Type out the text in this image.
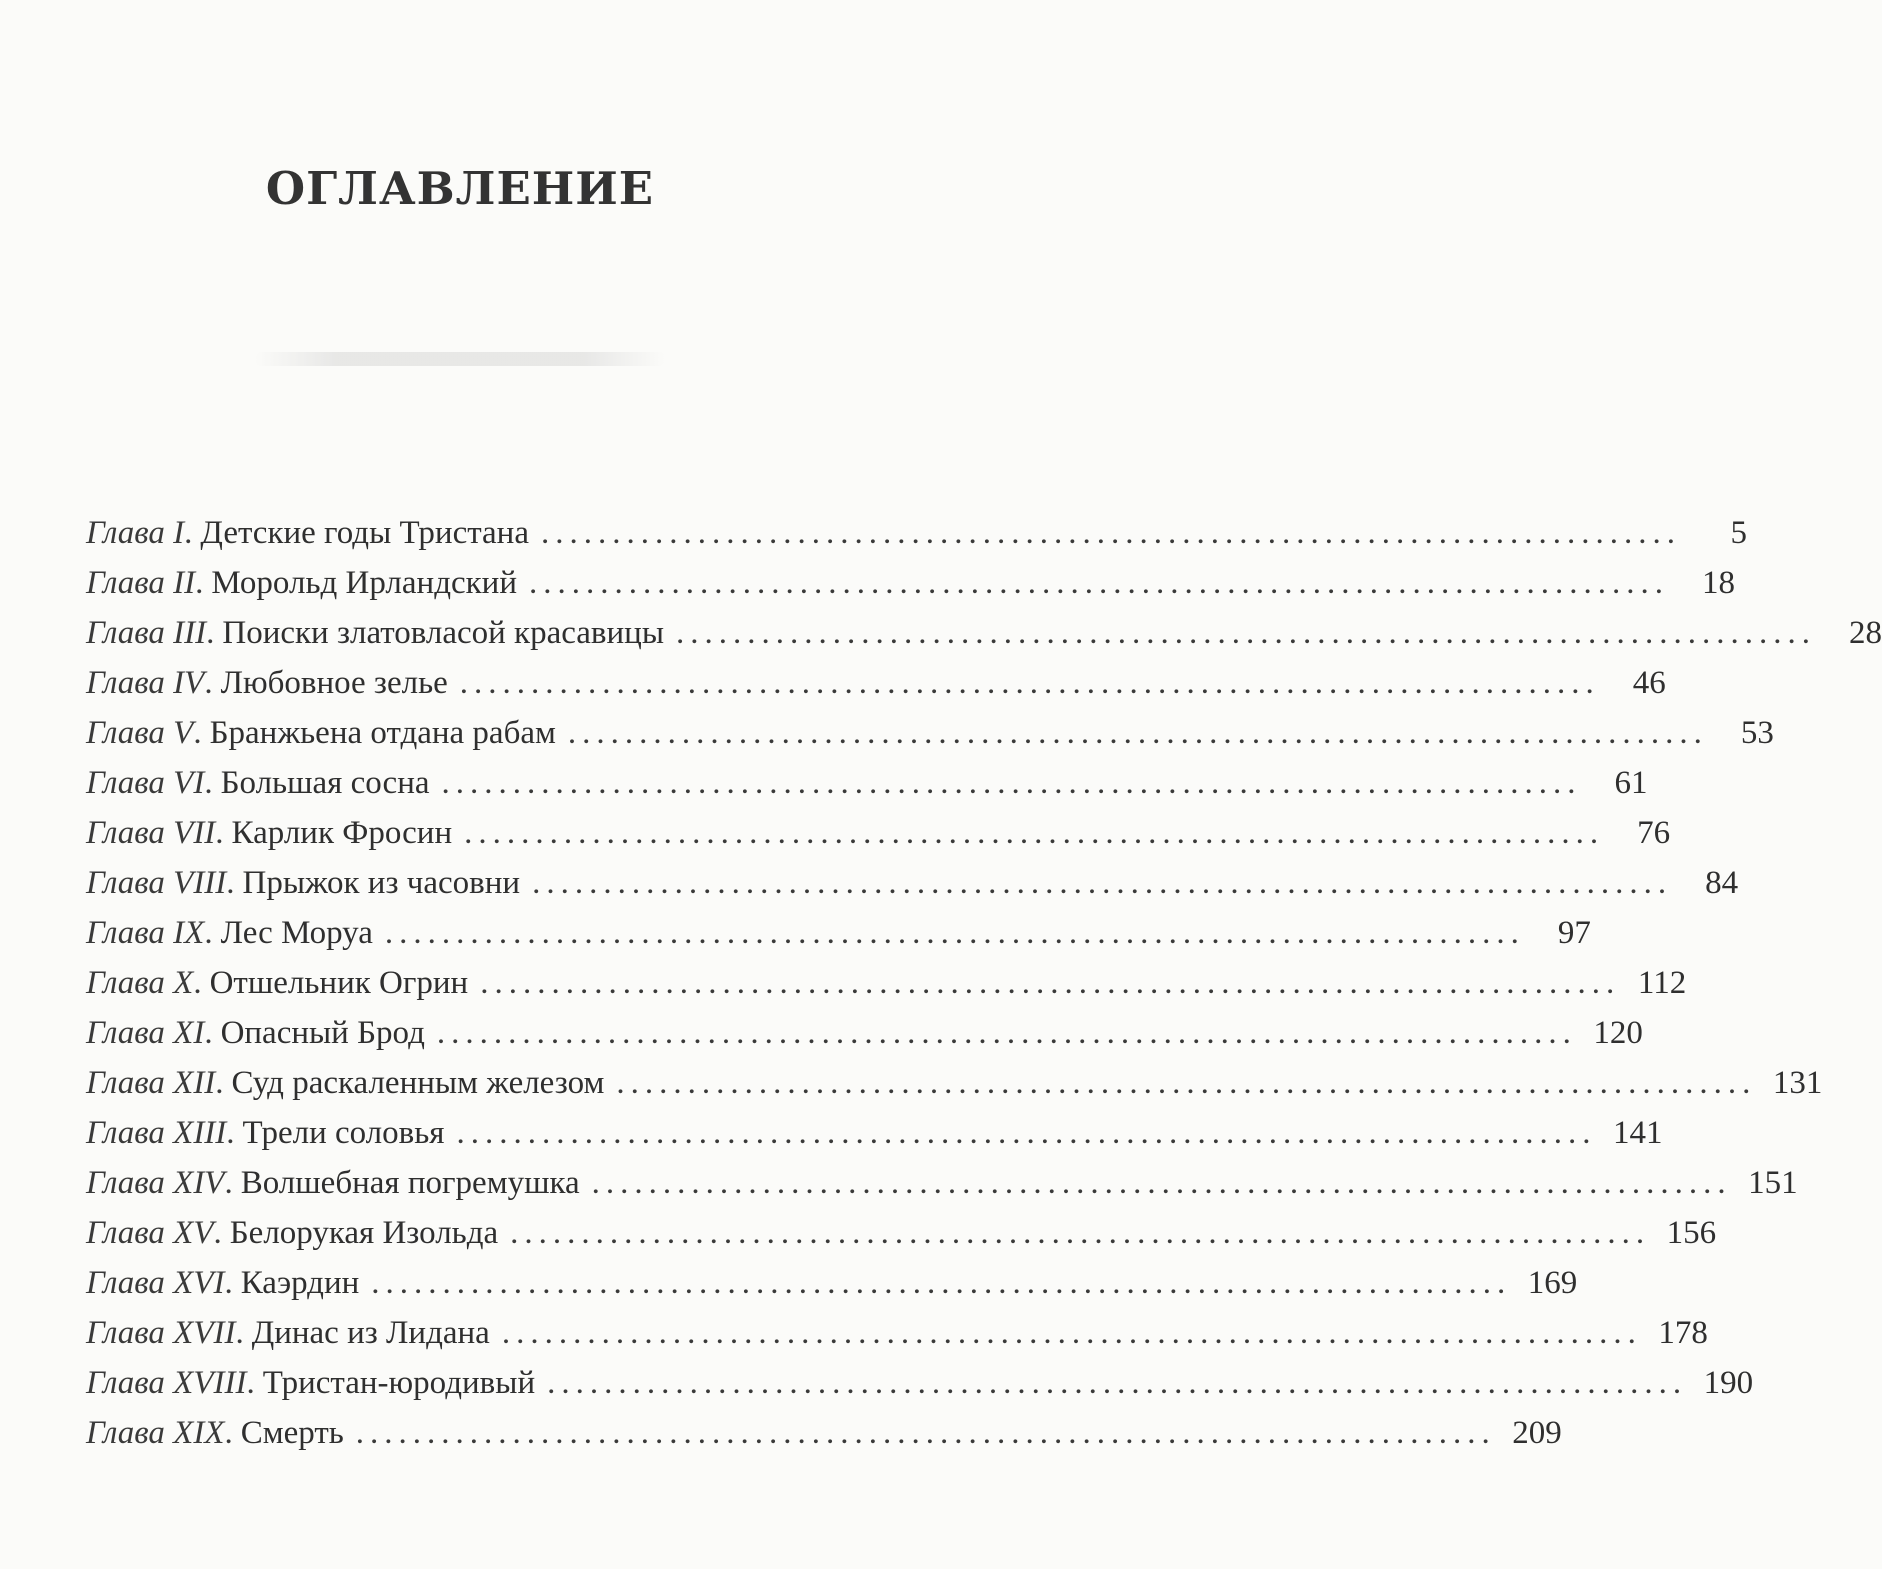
ОГЛАВЛЕНИЕ
Глава I . Детские годы Тристана ................................................................................	5
Глава II . Морольд Ирландский ................................................................................	18
Глава III . Поиски златовласой красавицы ................................................................................	28
Глава IV . Любовное зелье ................................................................................	46
Глава V . Бранжьена отдана рабам ................................................................................	53
Глава VI . Большая сосна ................................................................................	61
Глава VII . Карлик Фросин ................................................................................	76
Глава VIII . Прыжок из часовни ................................................................................	84
Глава IX . Лес Моруа ................................................................................	97
Глава X . Отшельник Огрин ................................................................................ 112
Глава XI . Опасный Брод ................................................................................ 120
Глава XII . Суд раскаленным железом ................................................................................ 131
Глава XIII . Трели соловья ................................................................................ 141
Глава XIV . Волшебная погремушка ................................................................................ 151
Глава XV . Белорукая Изольда ................................................................................ 156
Глава XVI . Каэрдин ................................................................................ 169
Глава XVII . Динас из Лидана ................................................................................ 178
Глава XVIII . Тристан-юродивый ................................................................................ 190
Глава XIX . Смерть ................................................................................ 209
